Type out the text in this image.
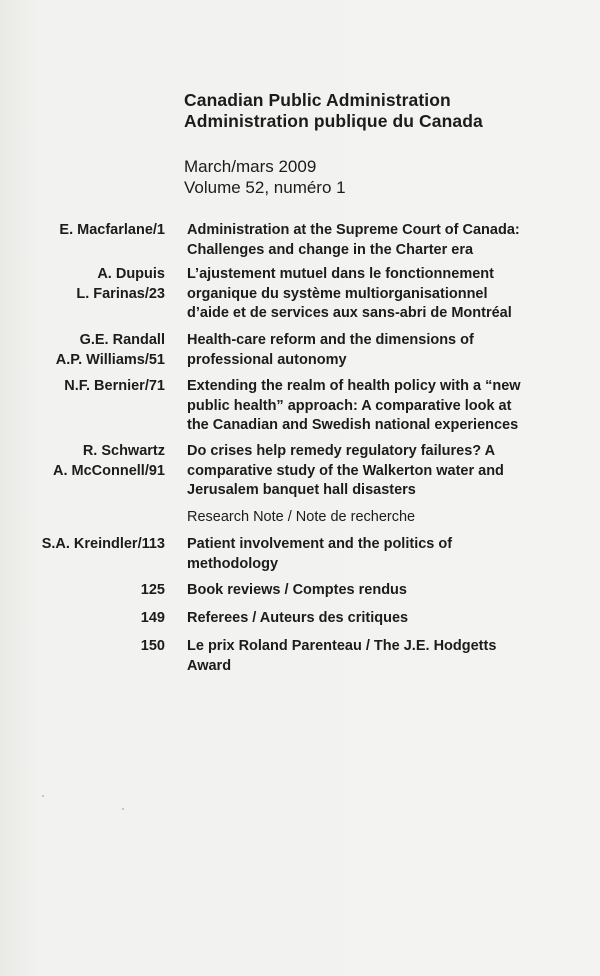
Canadian Public Administration
Administration publique du Canada
March/mars 2009
Volume 52, numéro 1
E. Macfarlane/1 Administration at the Supreme Court of Canada:
Challenges and change in the Charter era
A. Dupuis
L. Farinas/23
L’ajustement mutuel dans le fonctionnement
organique du système multiorganisationnel
d’aide et de services aux sans-abri de Montréal
G.E. Randall
A.P. Williams/51
Health-care reform and the dimensions of
professional autonomy
N.F. Bernier/71 Extending the realm of health policy with a “new
public health” approach: A comparative look at
the Canadian and Swedish national experiences
R. Schwartz
A. McConnell/91
Do crises help remedy regulatory failures? A
comparative study of the Walkerton water and
Jerusalem banquet hall disasters
Research Note / Note de recherche
S.A. Kreindler/113 Patient involvement and the politics of
methodology
125 Book reviews / Comptes rendus
149 Referees / Auteurs des critiques
150 Le prix Roland Parenteau / The J.E. Hodgetts
Award
